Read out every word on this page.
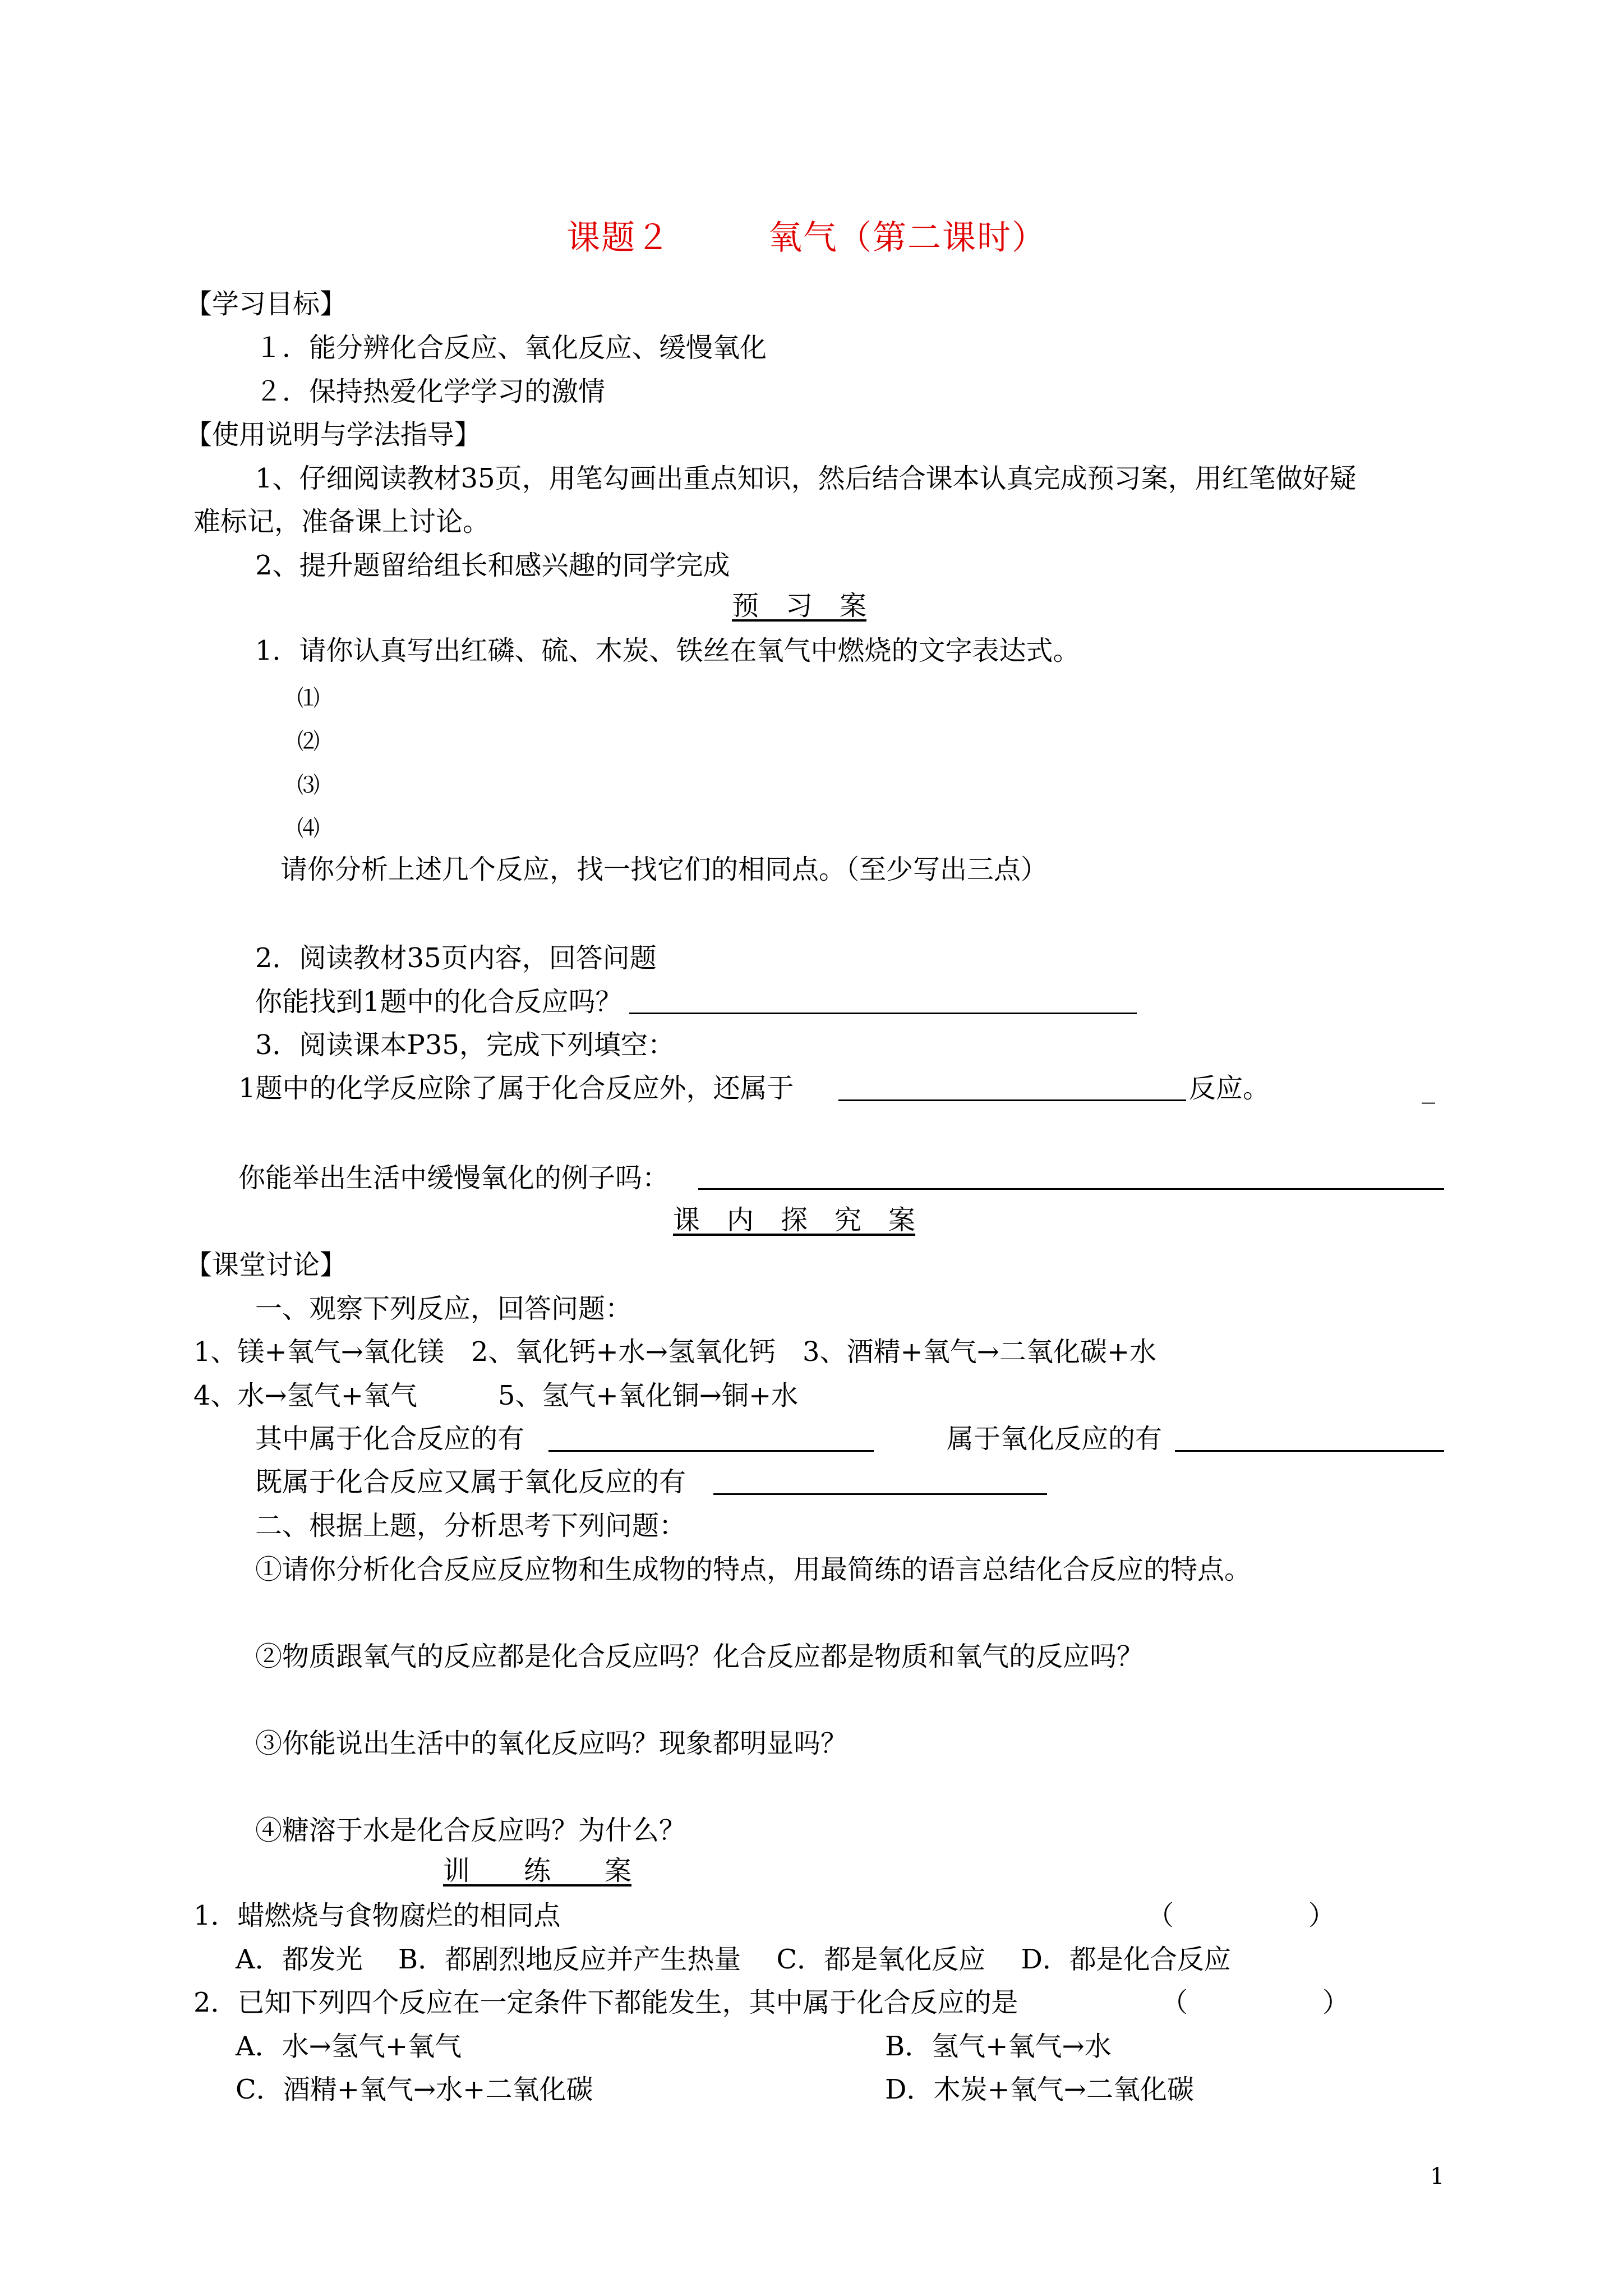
课题２	氧气（第二课时）
【学习目标】
１．能分辨化合反应、氧化反应、缓慢氧化
２．保持热爱化学学习的激情
【使用说明与学法指导】
1、仔细阅读教材35页，用笔勾画出重点知识，然后结合课本认真完成预习案，用红笔做好疑
难标记，准备课上讨论。
2、提升题留给组长和感兴趣的同学完成
预　习　案
1．请你认真写出红磷、硫、木炭、铁丝在氧气中燃烧的文字表达式。
⑴
⑵
⑶
⑷
请你分析上述几个反应，找一找它们的相同点。（至少写出三点）
2．阅读教材35页内容，回答问题
你能找到1题中的化合反应吗？
3．阅读课本P35，完成下列填空：
1题中的化学反应除了属于化合反应外，还属于	反应。	_
你能举出生活中缓慢氧化的例子吗：
课　内　探　究　案
【课堂讨论】
一、观察下列反应，回答问题：
1、镁+氧气→氧化镁　2、氧化钙+水→氢氧化钙　3、酒精+氧气→二氧化碳+水
4、水→氢气+氧气　　　5、氢气+氧化铜→铜+水
其中属于化合反应的有	属于氧化反应的有
既属于化合反应又属于氧化反应的有
二、根据上题，分析思考下列问题：
①请你分析化合反应反应物和生成物的特点，用最简练的语言总结化合反应的特点。
②物质跟氧气的反应都是化合反应吗？化合反应都是物质和氧气的反应吗？
③你能说出生活中的氧化反应吗？现象都明显吗？
④糖溶于水是化合反应吗？为什么？
训　　练　　案
1．蜡燃烧与食物腐烂的相同点	（　　　　　）
A．都发光　 B．都剧烈地反应并产生热量　 C．都是氧化反应　 D．都是化合反应
2．已知下列四个反应在一定条件下都能发生，其中属于化合反应的是	（　　　　　）
A．水→氢气+氧气	B．氢气+氧气→水
C．酒精+氧气→水+二氧化碳	D．木炭+氧气→二氧化碳
1
